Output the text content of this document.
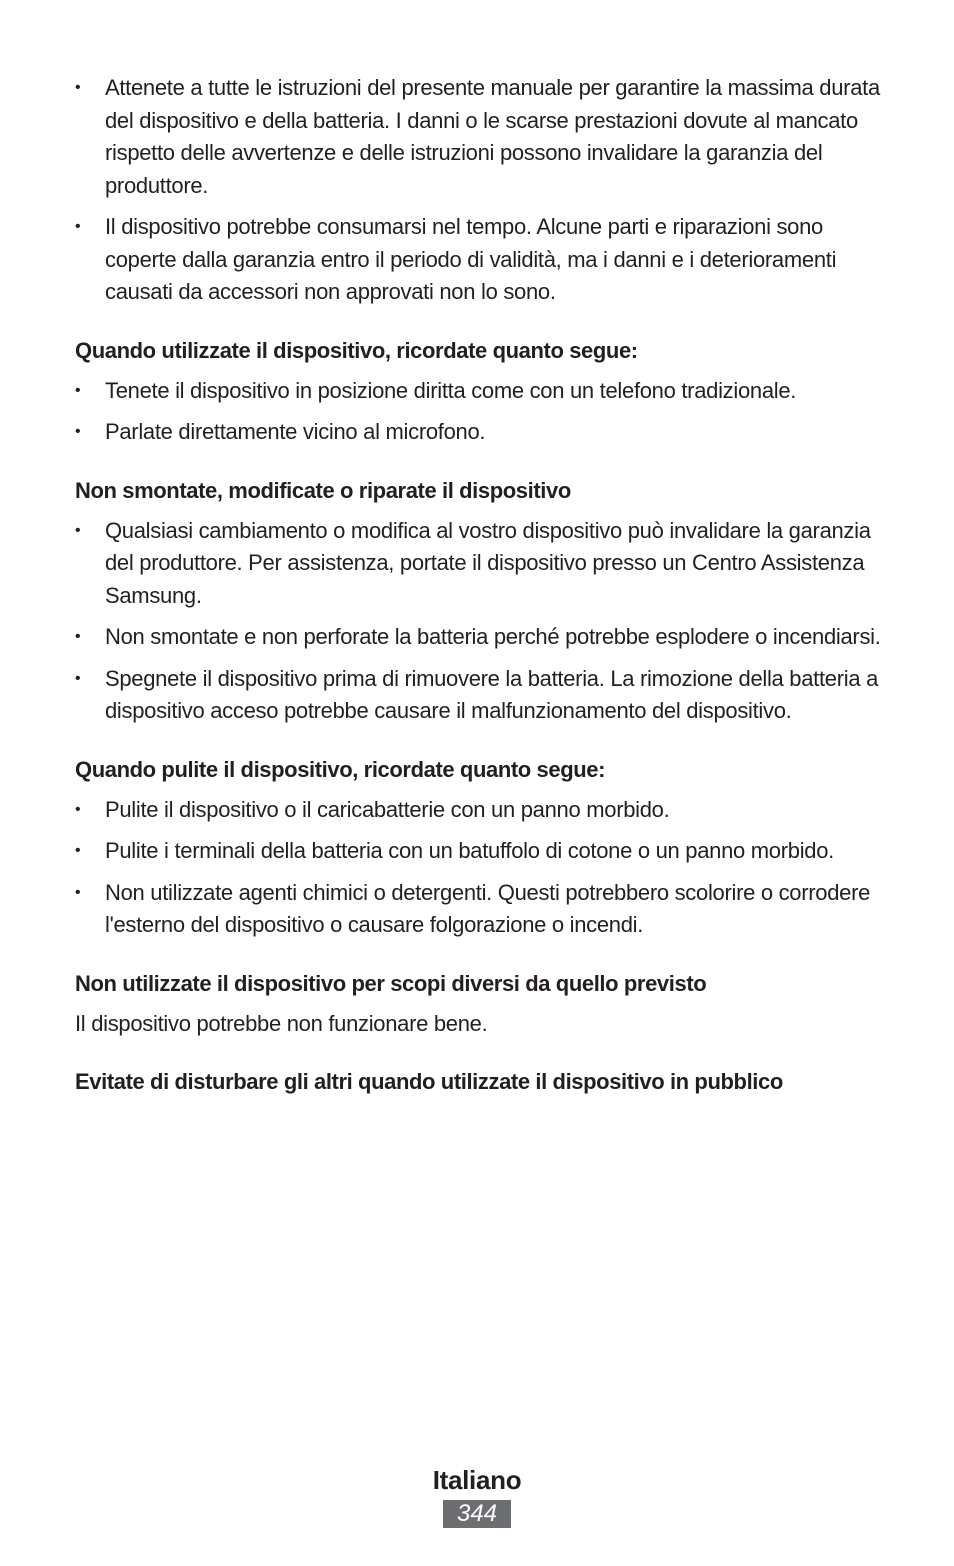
• Attenete a tutte le istruzioni del presente manuale per garantire la massima durata del dispositivo e della batteria. I danni o le scarse prestazioni dovute al mancato rispetto delle avvertenze e delle istruzioni possono invalidare la garanzia del produttore.
• Il dispositivo potrebbe consumarsi nel tempo. Alcune parti e riparazioni sono coperte dalla garanzia entro il periodo di validità, ma i danni e i deterioramenti causati da accessori non approvati non lo sono.
Quando utilizzate il dispositivo, ricordate quanto segue:
• Tenete il dispositivo in posizione diritta come con un telefono tradizionale.
• Parlate direttamente vicino al microfono.
Non smontate, modificate o riparate il dispositivo
• Qualsiasi cambiamento o modifica al vostro dispositivo può invalidare la garanzia del produttore. Per assistenza, portate il dispositivo presso un Centro Assistenza Samsung.
• Non smontate e non perforate la batteria perché potrebbe esplodere o incendiarsi.
• Spegnete il dispositivo prima di rimuovere la batteria. La rimozione della batteria a dispositivo acceso potrebbe causare il malfunzionamento del dispositivo.
Quando pulite il dispositivo, ricordate quanto segue:
• Pulite il dispositivo o il caricabatterie con un panno morbido.
• Pulite i terminali della batteria con un batuffolo di cotone o un panno morbido.
• Non utilizzate agenti chimici o detergenti. Questi potrebbero scolorire o corrodere l'esterno del dispositivo o causare folgorazione o incendi.
Non utilizzate il dispositivo per scopi diversi da quello previsto

Il dispositivo potrebbe non funzionare bene.

Evitate di disturbare gli altri quando utilizzate il dispositivo in pubblico
Italiano
344
